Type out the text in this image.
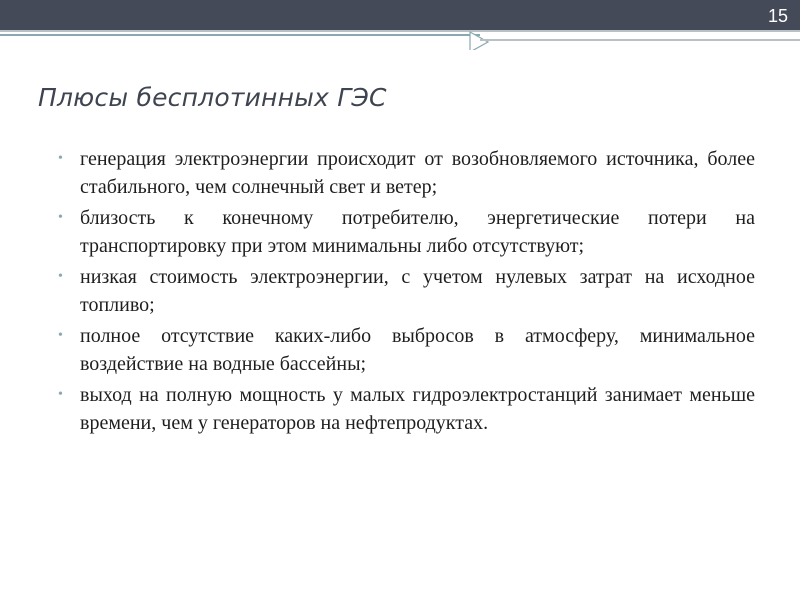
15
Плюсы бесплотинных ГЭС
• генерация электроэнергии происходит от возобновляемого источника, более стабильного, чем солнечный свет и ветер;
• близость к конечному потребителю, энергетические потери на транспортировку при этом минимальны либо отсутствуют;
• низкая стоимость электроэнергии, с учетом нулевых затрат на исходное топливо;
• полное отсутствие каких-либо выбросов в атмосферу, минимальное воздействие на водные бассейны;
• выход на полную мощность у малых гидроэлектростанций занимает меньше времени, чем у генераторов на нефтепродуктах.
